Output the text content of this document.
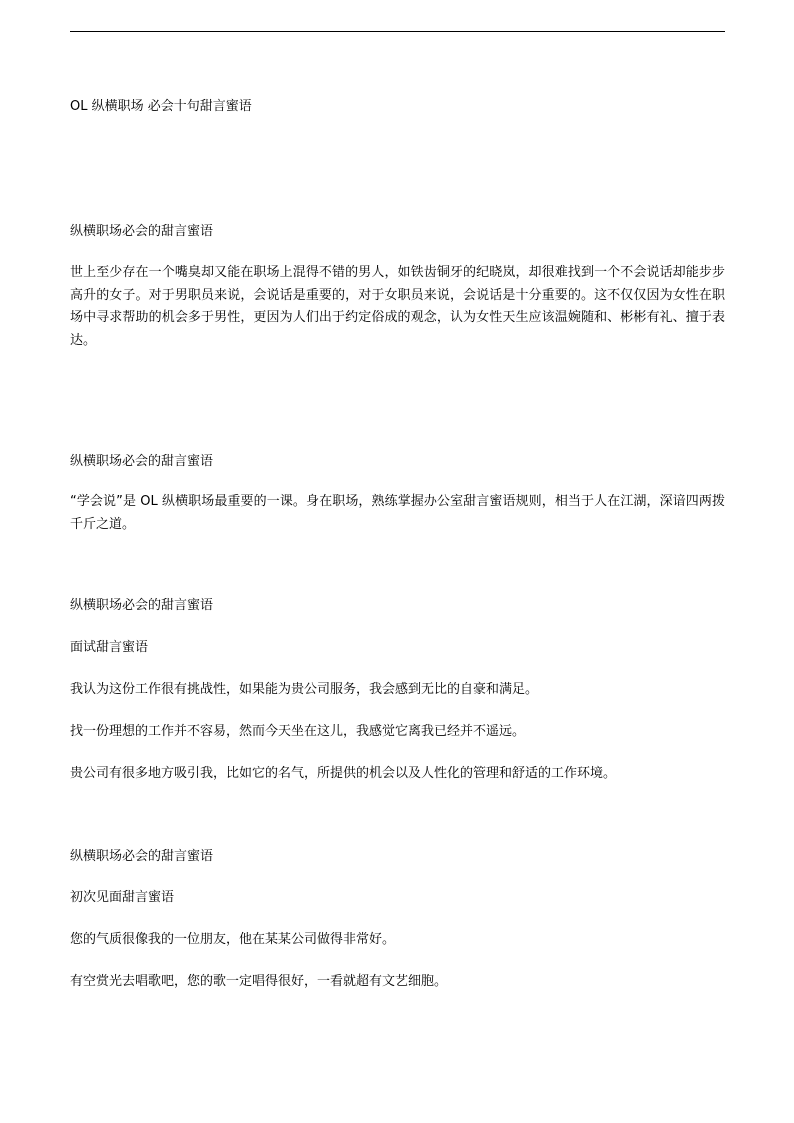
OL 纵横职场 必会十句甜言蜜语
纵横职场必会的甜言蜜语
世上至少存在一个嘴臭却又能在职场上混得不错的男人，如铁齿铜牙的纪晓岚，却很难找到一个不会说话却能步步高升的女子。对于男职员来说，会说话是重要的，对于女职员来说，会说话是十分重要的。这不仅仅因为女性在职场中寻求帮助的机会多于男性，更因为人们出于约定俗成的观念，认为女性天生应该温婉随和、彬彬有礼、擅于表达。
纵横职场必会的甜言蜜语
“学会说”是 OL 纵横职场最重要的一课。身在职场，熟练掌握办公室甜言蜜语规则，相当于人在江湖，深谙四两拨千斤之道。
纵横职场必会的甜言蜜语
面试甜言蜜语
我认为这份工作很有挑战性，如果能为贵公司服务，我会感到无比的自豪和满足。
找一份理想的工作并不容易，然而今天坐在这儿，我感觉它离我已经并不遥远。
贵公司有很多地方吸引我，比如它的名气，所提供的机会以及人性化的管理和舒适的工作环境。
纵横职场必会的甜言蜜语
初次见面甜言蜜语
您的气质很像我的一位朋友，他在某某公司做得非常好。
有空赏光去唱歌吧，您的歌一定唱得很好，一看就超有文艺细胞。
